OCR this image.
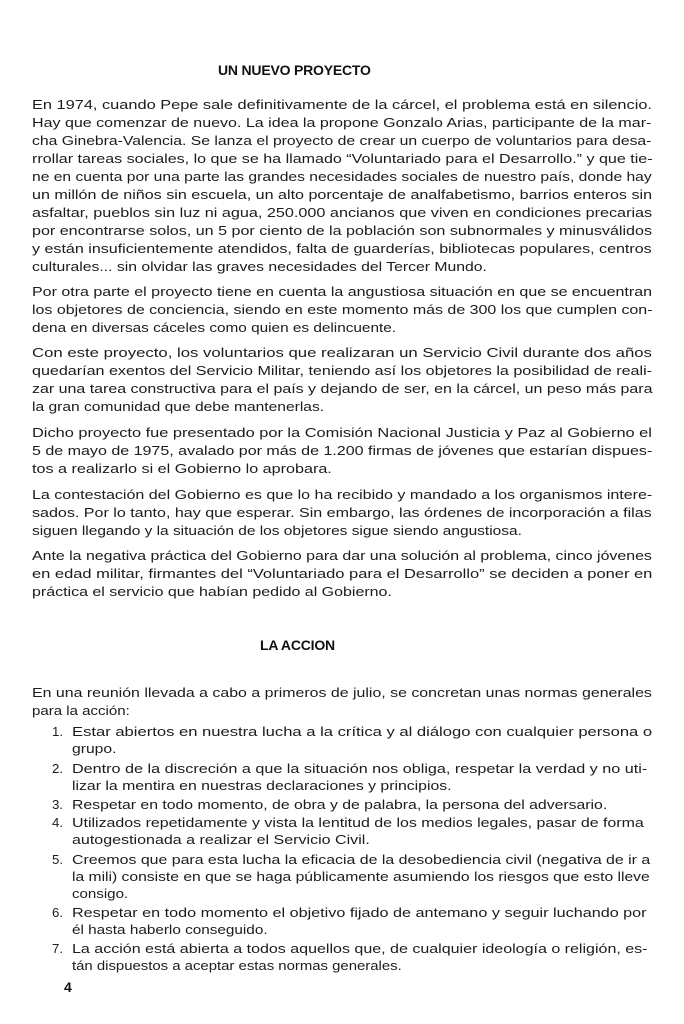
UN NUEVO PROYECTO
En 1974, cuando Pepe sale definitivamente de la cárcel, el problema está en silencio.
Hay que comenzar de nuevo. La idea la propone Gonzalo Arias, participante de la mar-
cha Ginebra-Valencia. Se lanza el proyecto de crear un cuerpo de voluntarios para desa-
rrollar tareas sociales, lo que se ha llamado “Voluntariado para el Desarrollo.” y que tie-
ne en cuenta por una parte las grandes necesidades sociales de nuestro país, donde hay
un millón de niños sin escuela, un alto porcentaje de analfabetismo, barrios enteros sin
asfaltar, pueblos sin luz ni agua, 250.000 ancianos que viven en condiciones precarias
por encontrarse solos, un 5 por ciento de la población son subnormales y minusválidos
y están insuficientemente atendidos, falta de guarderías, bibliotecas populares, centros
culturales... sin olvidar las graves necesidades del Tercer Mundo.
Por otra parte el proyecto tiene en cuenta la angustiosa situación en que se encuentran
los objetores de conciencia, siendo en este momento más de 300 los que cumplen con-
dena en diversas cáceles como quien es delincuente.
Con este proyecto, los voluntarios que realizaran un Servicio Civil durante dos años
quedarían exentos del Servicio Militar, teniendo así los objetores la posibilidad de reali-
zar una tarea constructiva para el país y dejando de ser, en la cárcel, un peso más para
la gran comunidad que debe mantenerlas.
Dicho proyecto fue presentado por la Comisión Nacional Justicia y Paz al Gobierno el
5 de mayo de 1975, avalado por más de 1.200 firmas de jóvenes que estarían dispues-
tos a realizarlo si el Gobierno lo aprobara.
La contestación del Gobierno es que lo ha recibido y mandado a los organismos intere-
sados. Por lo tanto, hay que esperar. Sin embargo, las órdenes de incorporación a filas
siguen llegando y la situación de los objetores sigue siendo angustiosa.
Ante la negativa práctica del Gobierno para dar una solución al problema, cinco jóvenes
en edad militar, firmantes del “Voluntariado para el Desarrollo” se deciden a poner en
práctica el servicio que habían pedido al Gobierno.
LA ACCION
En una reunión llevada a cabo a primeros de julio, se concretan unas normas generales
para la acción:
1. Estar abiertos en nuestra lucha a la crítica y al diálogo con cualquier persona o
grupo.
2. Dentro de la discreción a que la situación nos obliga, respetar la verdad y no uti-
lizar la mentira en nuestras declaraciones y principios.
3. Respetar en todo momento, de obra y de palabra, la persona del adversario.
4. Utilizados repetidamente y vista la lentitud de los medios legales, pasar de forma
autogestionada a realizar el Servicio Civil.
5. Creemos que para esta lucha la eficacia de la desobediencia civil (negativa de ir a
la mili) consiste en que se haga públicamente asumiendo los riesgos que esto lleve
consigo.
6. Respetar en todo momento el objetivo fijado de antemano y seguir luchando por
él hasta haberlo conseguido.
7. La acción está abierta a todos aquellos que, de cualquier ideología o religión, es-
tán dispuestos a aceptar estas normas generales.
4
